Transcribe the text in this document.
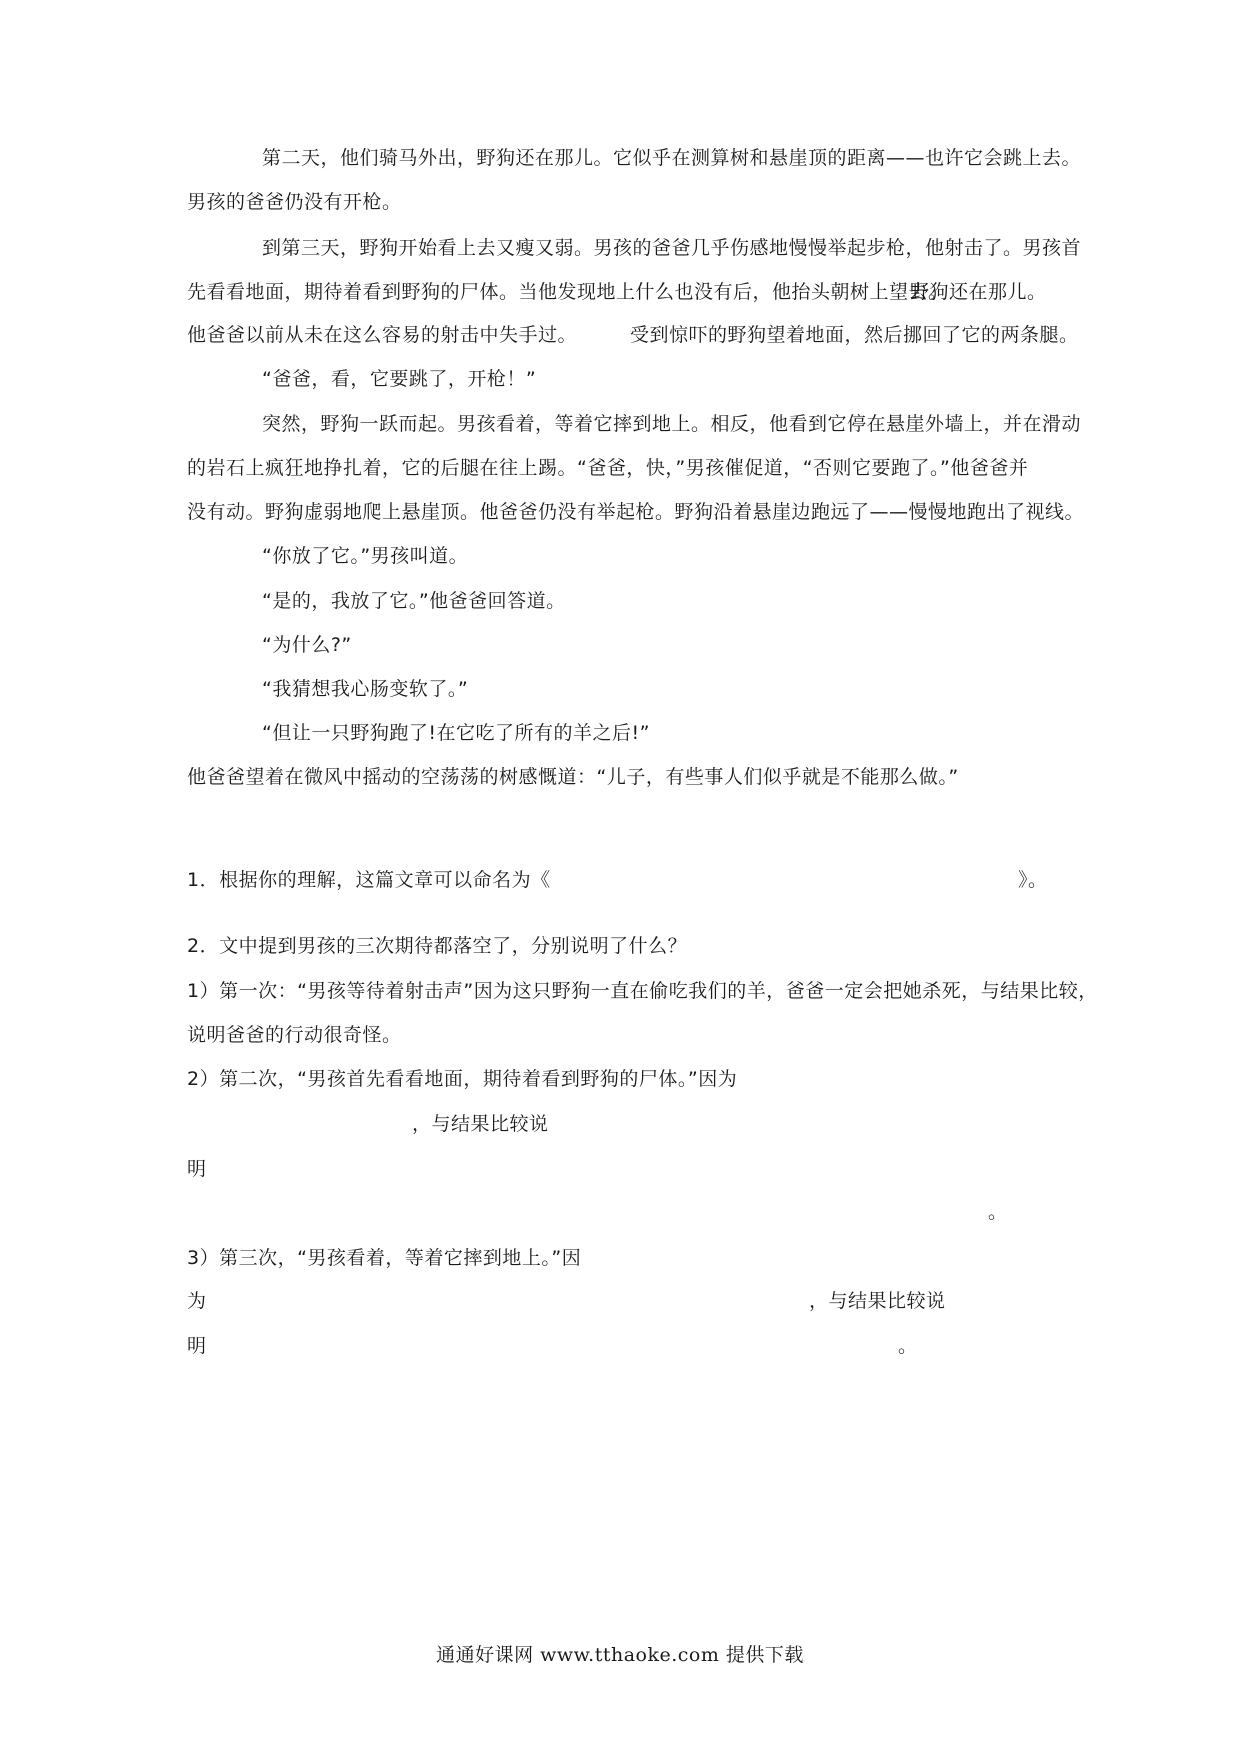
第二天，他们骑马外出，野狗还在那儿。它似乎在测算树和悬崖顶的距离——也许它会跳上去。
男孩的爸爸仍没有开枪。
到第三天，野狗开始看上去又瘦又弱。男孩的爸爸几乎伤感地慢慢举起步枪，他射击了。男孩首
先看看地面，期待着看到野狗的尸体。当他发现地上什么也没有后，他抬头朝树上望去。
野狗还在那儿。
他爸爸以前从未在这么容易的射击中失手过。	受到惊吓的野狗望着地面，然后挪回了它的两条腿。
“爸爸，看，它要跳了，开枪！”
突然，野狗一跃而起。男孩看着，等着它摔到地上。相反，他看到它停在悬崖外墙上，并在滑动
的岩石上疯狂地挣扎着，它的后腿在往上踢。“爸爸，快，”男孩催促道，“否则它要跑了。”他爸爸并
没有动。野狗虚弱地爬上悬崖顶。他爸爸仍没有举起枪。野狗沿着悬崖边跑远了——慢慢地跑出了视线。
“你放了它。”男孩叫道。
“是的，我放了它。”他爸爸回答道。
“为什么?”
“我猜想我心肠变软了。”
“但让一只野狗跑了!在它吃了所有的羊之后!”
他爸爸望着在微风中摇动的空荡荡的树感慨道：“儿子，有些事人们似乎就是不能那么做。”
1．根据你的理解，这篇文章可以命名为《	》。
2．文中提到男孩的三次期待都落空了，分别说明了什么？
1）第一次：“男孩等待着射击声”因为这只野狗一直在偷吃我们的羊，爸爸一定会把她杀死，与结果比较，
说明爸爸的行动很奇怪。
2）第二次，“男孩首先看看地面，期待着看到野狗的尸体。”因为
，与结果比较说
明
。
3）第三次，“男孩看着，等着它摔到地上。”因
为	，与结果比较说
明	。
通通好课网 www.tthaoke.com 提供下载
